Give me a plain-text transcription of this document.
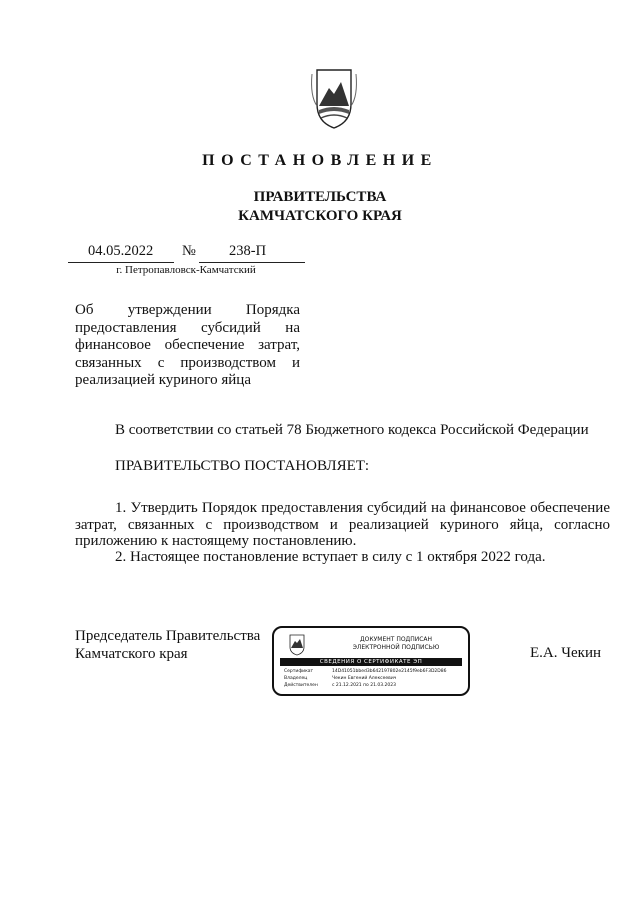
ПОСТАНОВЛЕНИЕ
ПРАВИТЕЛЬСТВА
КАМЧАТСКОГО КРАЯ
04.05.2022 № 238-П
г. Петропавловск-Камчатский
Об утверждении Порядка
предоставления субсидий на
финансовое обеспечение затрат,
связанных с производством и
реализацией куриного яйца
В соответствии со статьей 78 Бюджетного кодекса Российской Федерации
ПРАВИТЕЛЬСТВО ПОСТАНОВЛЯЕТ:
1. Утвердить Порядок предоставления субсидий на финансовое обеспечение затрат, связанных с производством и реализацией куриного яйца, согласно приложению к настоящему постановлению.
2. Настоящее постановление вступает в силу с 1 октября 2022 года.
Председатель Правительства
Камчатского края
ДОКУМЕНТ ПОДПИСАН
ЭЛЕКТРОННОЙ ПОДПИСЬЮ
СВЕДЕНИЯ О СЕРТИФИКАТЕ ЭП
Сертификат	14D41051bbed3b642197802e2145f9eb6F3D2D86
Владелец	Чекин Евгений Алексеевич
Действителен	с 21.12.2021 по 21.03.2023
Е.А. Чекин
